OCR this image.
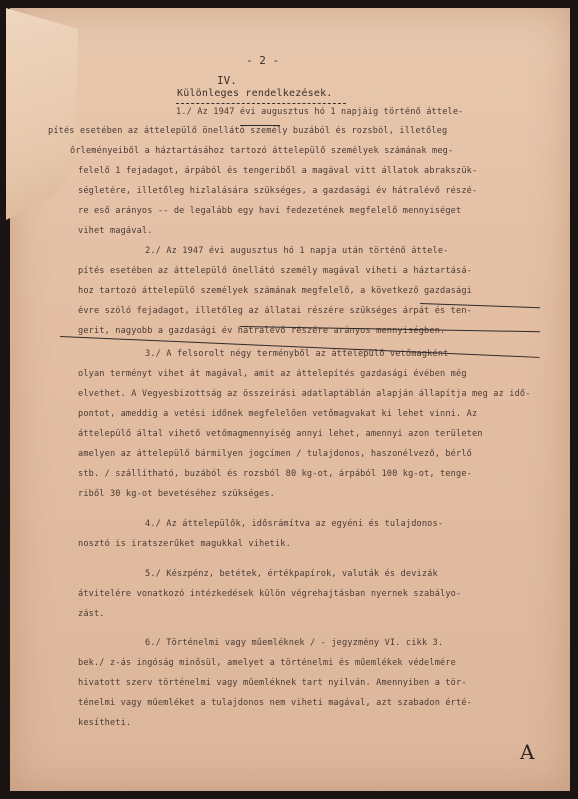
- 2 -
IV.
Különleges rendelkezések.
1./ Az 1947 évi augusztus hó 1 napjáig történő áttele-
pítés esetében az áttelepülő önellátó személy buzából és rozsból, illetőleg
őrleményeiből a háztartásához tartozó áttelepülő személyek számának meg-
felelő 1 fejadagot, árpából és tengeriből a magával vitt állatok abrakszük-
ségletére, illetőleg hizlalására szükséges, a gazdasági év hátralévő részé-
re eső arányos -- de legalább egy havi fedezetének megfelelő mennyiséget
vihet magával.
2./ Az 1947 évi augusztus hó 1 napja után történő áttele-
pítés esetében az áttelepülő önellátó személy magával viheti a háztartásá-
hoz tartozó áttelepülő személyek számának megfelelő, a következő gazdasági
évre szóló fejadagot, illetőleg az állatai részére szükséges árpát és ten-
gerit, nagyobb a gazdasági év hátralévő részére arányos mennyiségben.
3./ A felsorolt négy terményből az áttelepülő vetőmagként
olyan terményt vihet át magával, amit az áttelepítés gazdasági évében még
elvethet. A Vegyesbizottság az összeírási adatlaptáblán alapján állapítja meg az idő-
pontot, ameddig a vetési időnek megfelelően vetőmagvakat ki lehet vinni. Az
áttelepülő által vihető vetőmagmennyiség annyi lehet, amennyi azon területen
amelyen az áttelepülő bármilyen jogcímen / tulajdonos, haszonélvező, bérlő
stb. / szállítható, buzából és rozsból 80 kg-ot, árpából 100 kg-ot, tenge-
riből 30 kg-ot bevetéséhez szükséges.
4./ Az áttelepülők, idősrámítva az egyéni és tulajdonos-
nosztó is iratszerűket magukkal vihetik.
5./ Készpénz, betétek, értékpapírok, valuták és devizák
átvitelére vonatkozó intézkedések külön végrehajtásban nyernek szabályo-
zást.
6./ Történelmi vagy műemléknek / - jegyzmény VI. cikk 3.
bek./ z-ás ingóság minősül, amelyet a történelmi és műemlékek védelmére
hivatott szerv történelmi vagy műemléknek tart nyilván. Amennyiben a tör-
ténelmi vagy műemléket a tulajdonos nem viheti magával, azt szabadon érté-
kesítheti.
A
